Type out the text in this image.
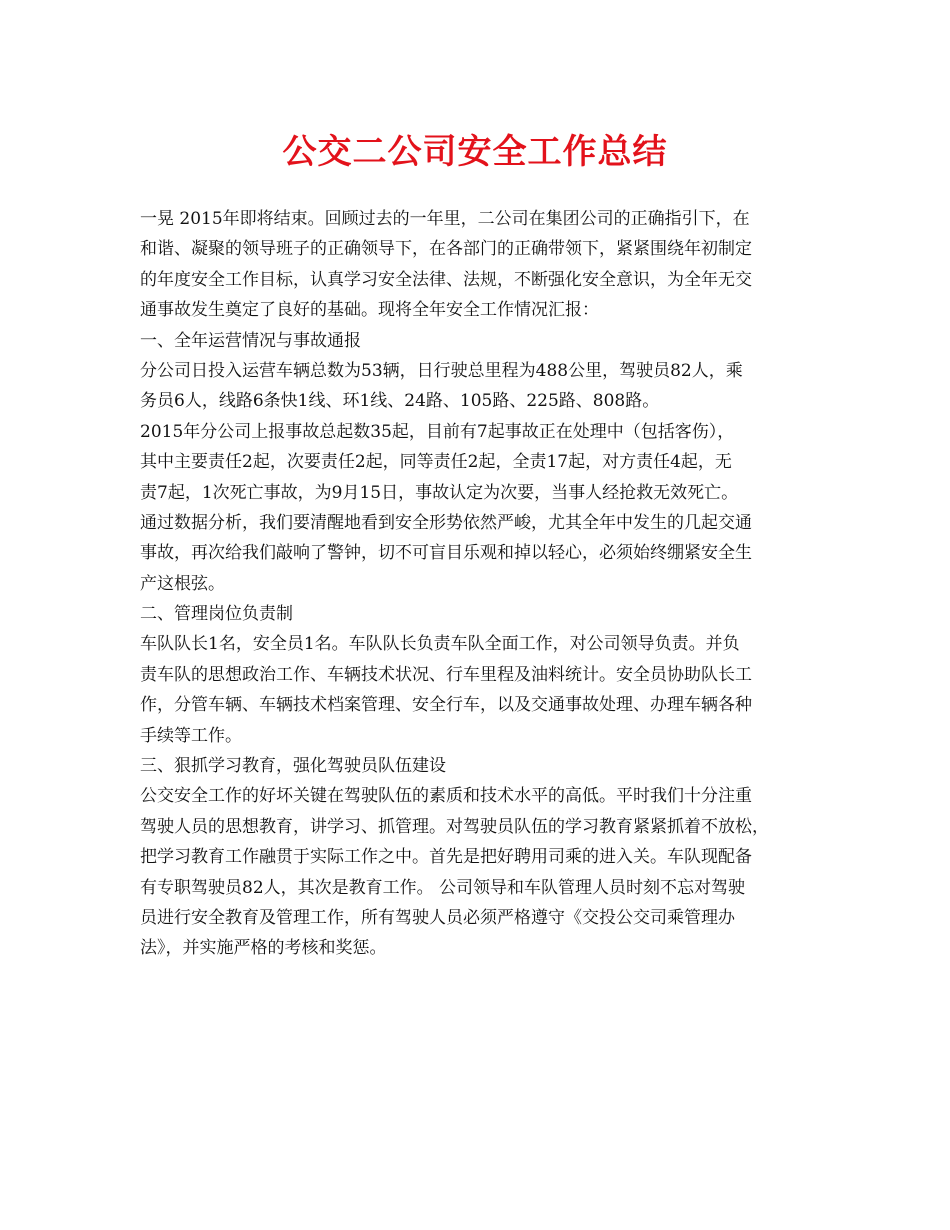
公交二公司安全工作总结

一晃 2015年即将结束。回顾过去的一年里，二公司在集团公司的正确指引下，在

和谐、凝聚的领导班子的正确领导下，在各部门的正确带领下，紧紧围绕年初制定

的年度安全工作目标，认真学习安全法律、法规，不断强化安全意识，为全年无交

通事故发生奠定了良好的基础。现将全年安全工作情况汇报：

一、全年运营情况与事故通报

分公司日投入运营车辆总数为53辆，日行驶总里程为488公里，驾驶员82人，乘

务员6人，线路6条快1线、环1线、24路、105路、225路、808路。

2015年分公司上报事故总起数35起，目前有7起事故正在处理中（包括客伤），

其中主要责任2起，次要责任2起，同等责任2起，全责17起，对方责任4起，无

责7起，1次死亡事故，为9月15日，事故认定为次要，当事人经抢救无效死亡。

通过数据分析，我们要清醒地看到安全形势依然严峻，尤其全年中发生的几起交通

事故，再次给我们敲响了警钟，切不可盲目乐观和掉以轻心，必须始终绷紧安全生

产这根弦。

二、管理岗位负责制

车队队长1名，安全员1名。车队队长负责车队全面工作，对公司领导负责。并负

责车队的思想政治工作、车辆技术状况、行车里程及油料统计。安全员协助队长工

作，分管车辆、车辆技术档案管理、安全行车，以及交通事故处理、办理车辆各种

手续等工作。

三、狠抓学习教育，强化驾驶员队伍建设

公交安全工作的好坏关键在驾驶队伍的素质和技术水平的高低。平时我们十分注重

驾驶人员的思想教育，讲学习、抓管理。对驾驶员队伍的学习教育紧紧抓着不放松，

把学习教育工作融贯于实际工作之中。首先是把好聘用司乘的进入关。车队现配备

有专职驾驶员82人，其次是教育工作。 公司领导和车队管理人员时刻不忘对驾驶

员进行安全教育及管理工作，所有驾驶人员必须严格遵守《交投公交司乘管理办

法》，并实施严格的考核和奖惩。
